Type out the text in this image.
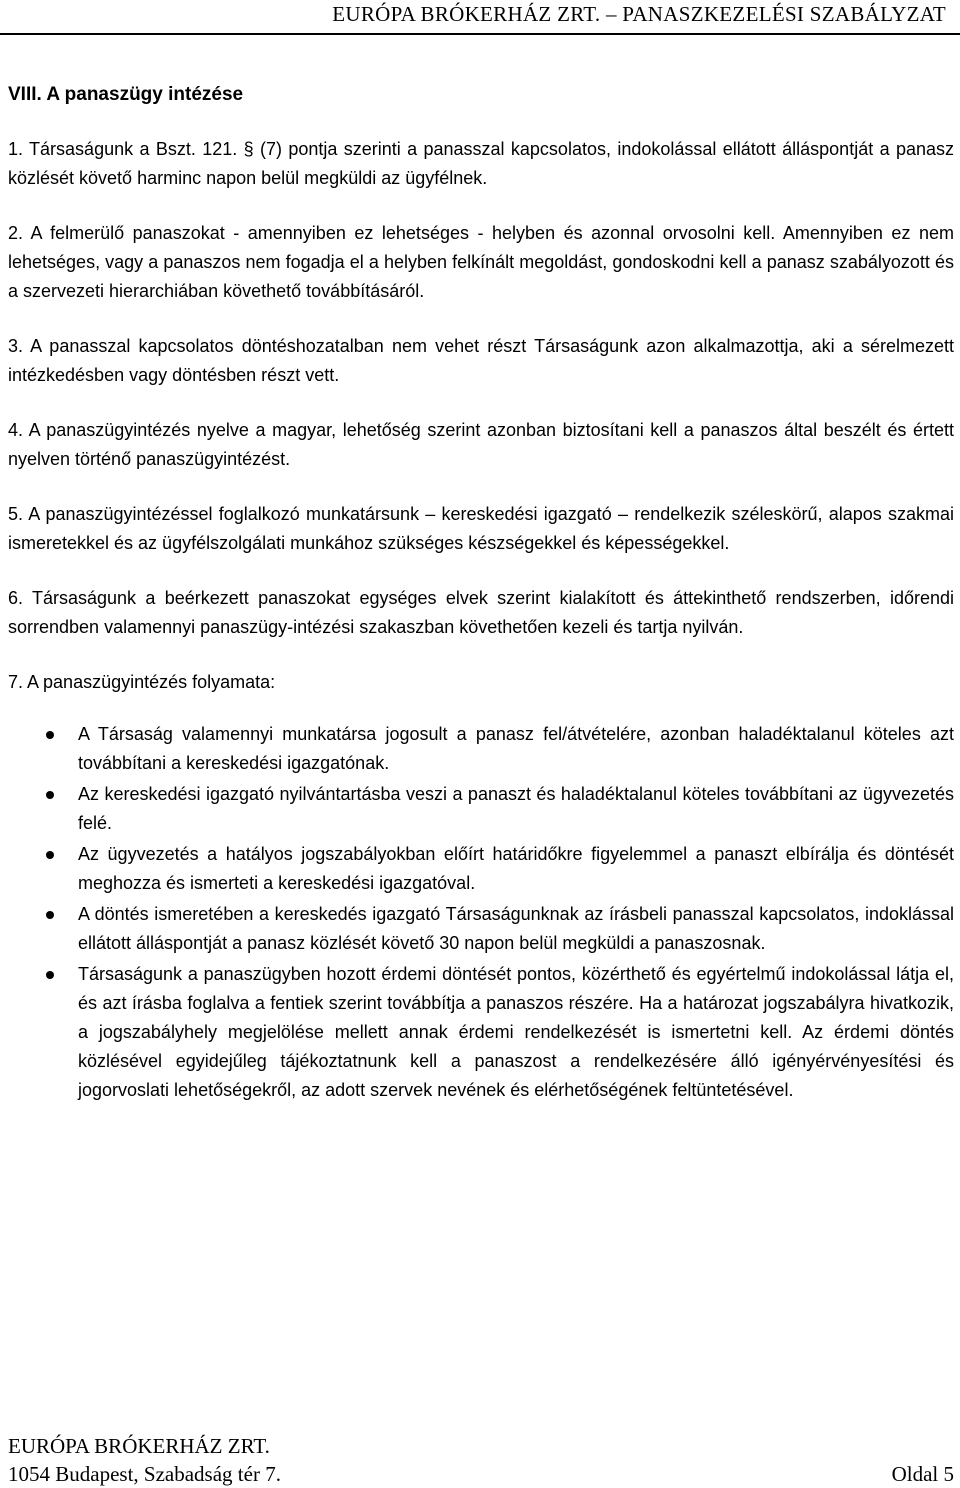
EURÓPA BRÓKERHÁZ ZRT. – PANASZKEZELÉSI SZABÁLYZAT
VIII. A panaszügy intézése

1. Társaságunk a Bszt. 121. § (7) pontja szerinti a panasszal kapcsolatos, indokolással ellátott álláspontját a panasz közlését követő harminc napon belül megküldi az ügyfélnek.

2. A felmerülő panaszokat - amennyiben ez lehetséges - helyben és azonnal orvosolni kell. Amennyiben ez nem lehetséges, vagy a panaszos nem fogadja el a helyben felkínált megoldást, gondoskodni kell a panasz szabályozott és a szervezeti hierarchiában követhető továbbításáról.

3. A panasszal kapcsolatos döntéshozatalban nem vehet részt Társaságunk azon alkalmazottja, aki a sérelmezett intézkedésben vagy döntésben részt vett.

4. A panaszügyintézés nyelve a magyar, lehetőség szerint azonban biztosítani kell a panaszos által beszélt és értett nyelven történő panaszügyintézést.

5. A panaszügyintézéssel foglalkozó munkatársunk – kereskedési igazgató – rendelkezik széleskörű, alapos szakmai ismeretekkel és az ügyfélszolgálati munkához szükséges készségekkel és képességekkel.

6. Társaságunk a beérkezett panaszokat egységes elvek szerint kialakított és áttekinthető rendszerben, időrendi sorrendben valamennyi panaszügy-intézési szakaszban követhetően kezeli és tartja nyilván.

7. A panaszügyintézés folyamata:

A Társaság valamennyi munkatársa jogosult a panasz fel/átvételére, azonban haladéktalanul köteles azt továbbítani a kereskedési igazgatónak.
Az kereskedési igazgató nyilvántartásba veszi a panaszt és haladéktalanul köteles továbbítani az ügyvezetés felé.
Az ügyvezetés a hatályos jogszabályokban előírt határidőkre figyelemmel a panaszt elbírálja és döntését meghozza és ismerteti a kereskedési igazgatóval.
A döntés ismeretében a kereskedés igazgató Társaságunknak az írásbeli panasszal kapcsolatos, indoklással ellátott álláspontját a panasz közlését követő 30 napon belül megküldi a panaszosnak.
Társaságunk a panaszügyben hozott érdemi döntését pontos, közérthető és egyértelmű indokolással látja el, és azt írásba foglalva a fentiek szerint továbbítja a panaszos részére. Ha a határozat jogszabályra hivatkozik, a jogszabályhely megjelölése mellett annak érdemi rendelkezését is ismertetni kell. Az érdemi döntés közlésével egyidejűleg tájékoztatnunk kell a panaszost a rendelkezésére álló igényérvényesítési és jogorvoslati lehetőségekről, az adott szervek nevének és elérhetőségének feltüntetésével.
EURÓPA BRÓKERHÁZ ZRT.
1054 Budapest, Szabadság tér 7.	Oldal 5
